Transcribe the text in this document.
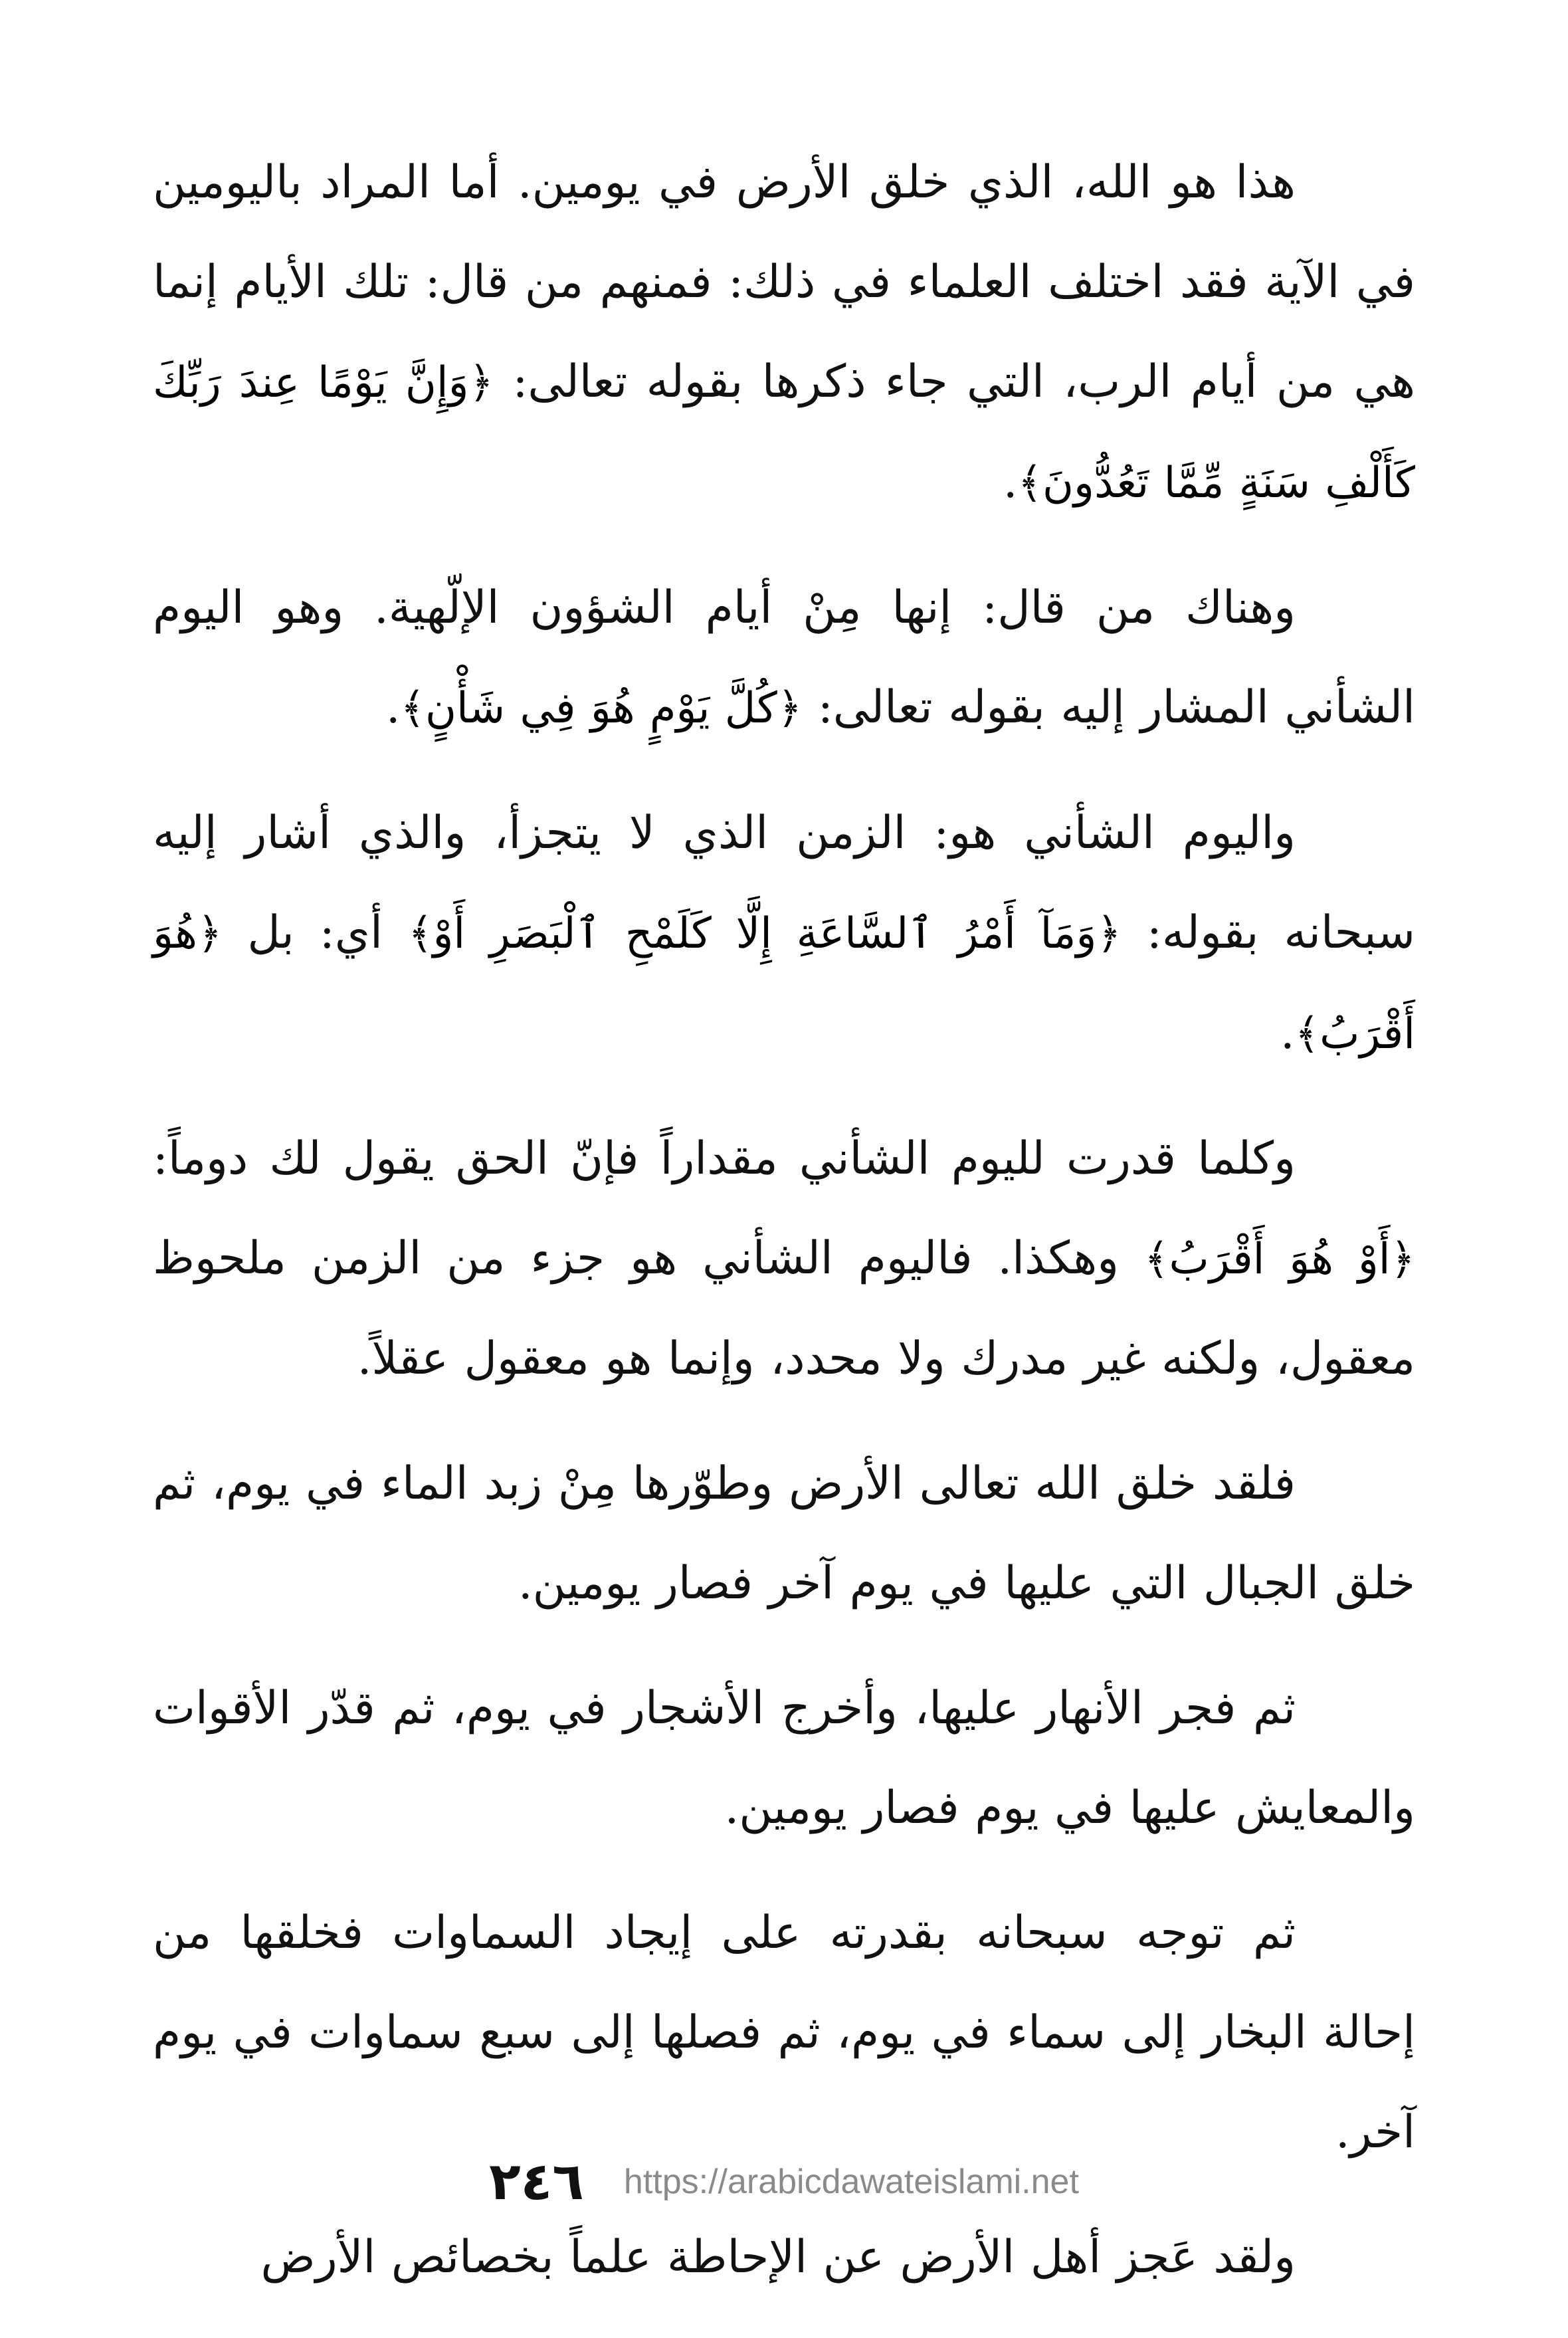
هذا هو الله، الذي خلق الأرض في يومين. أما المراد باليومين في الآية فقد اختلف العلماء في ذلك: فمنهم من قال: تلك الأيام إنما هي من أيام الرب، التي جاء ذكرها بقوله تعالى: ﴿وَإِنَّ يَوْمًا عِندَ رَبِّكَ كَأَلْفِ سَنَةٍ مِّمَّا تَعُدُّونَ﴾.

وهناك من قال: إنها مِنْ أيام الشؤون الإلّهية. وهو اليوم الشأني المشار إليه بقوله تعالى: ﴿كُلَّ يَوْمٍ هُوَ فِي شَأْنٍ﴾.

واليوم الشأني هو: الزمن الذي لا يتجزأ، والذي أشار إليه سبحانه بقوله: ﴿وَمَآ أَمْرُ ٱلسَّاعَةِ إِلَّا كَلَمْحِ ٱلْبَصَرِ أَوْ﴾ أي: بل ﴿هُوَ أَقْرَبُ﴾.

وكلما قدرت لليوم الشأني مقداراً فإنّ الحق يقول لك دوماً: ﴿أَوْ هُوَ أَقْرَبُ﴾ وهكذا. فاليوم الشأني هو جزء من الزمن ملحوظ معقول، ولكنه غير مدرك ولا محدد، وإنما هو معقول عقلاً.

فلقد خلق الله تعالى الأرض وطوّرها مِنْ زبد الماء في يوم، ثم خلق الجبال التي عليها في يوم آخر فصار يومين.

ثم فجر الأنهار عليها، وأخرج الأشجار في يوم، ثم قدّر الأقوات والمعايش عليها في يوم فصار يومين.

ثم توجه سبحانه بقدرته على إيجاد السماوات فخلقها من إحالة البخار إلى سماء في يوم، ثم فصلها إلى سبع سماوات في يوم آخر.

ولقد عَجز أهل الأرض عن الإحاطة علماً بخصائص الأرض

٢٤٦ https://arabicdawateislami.net
